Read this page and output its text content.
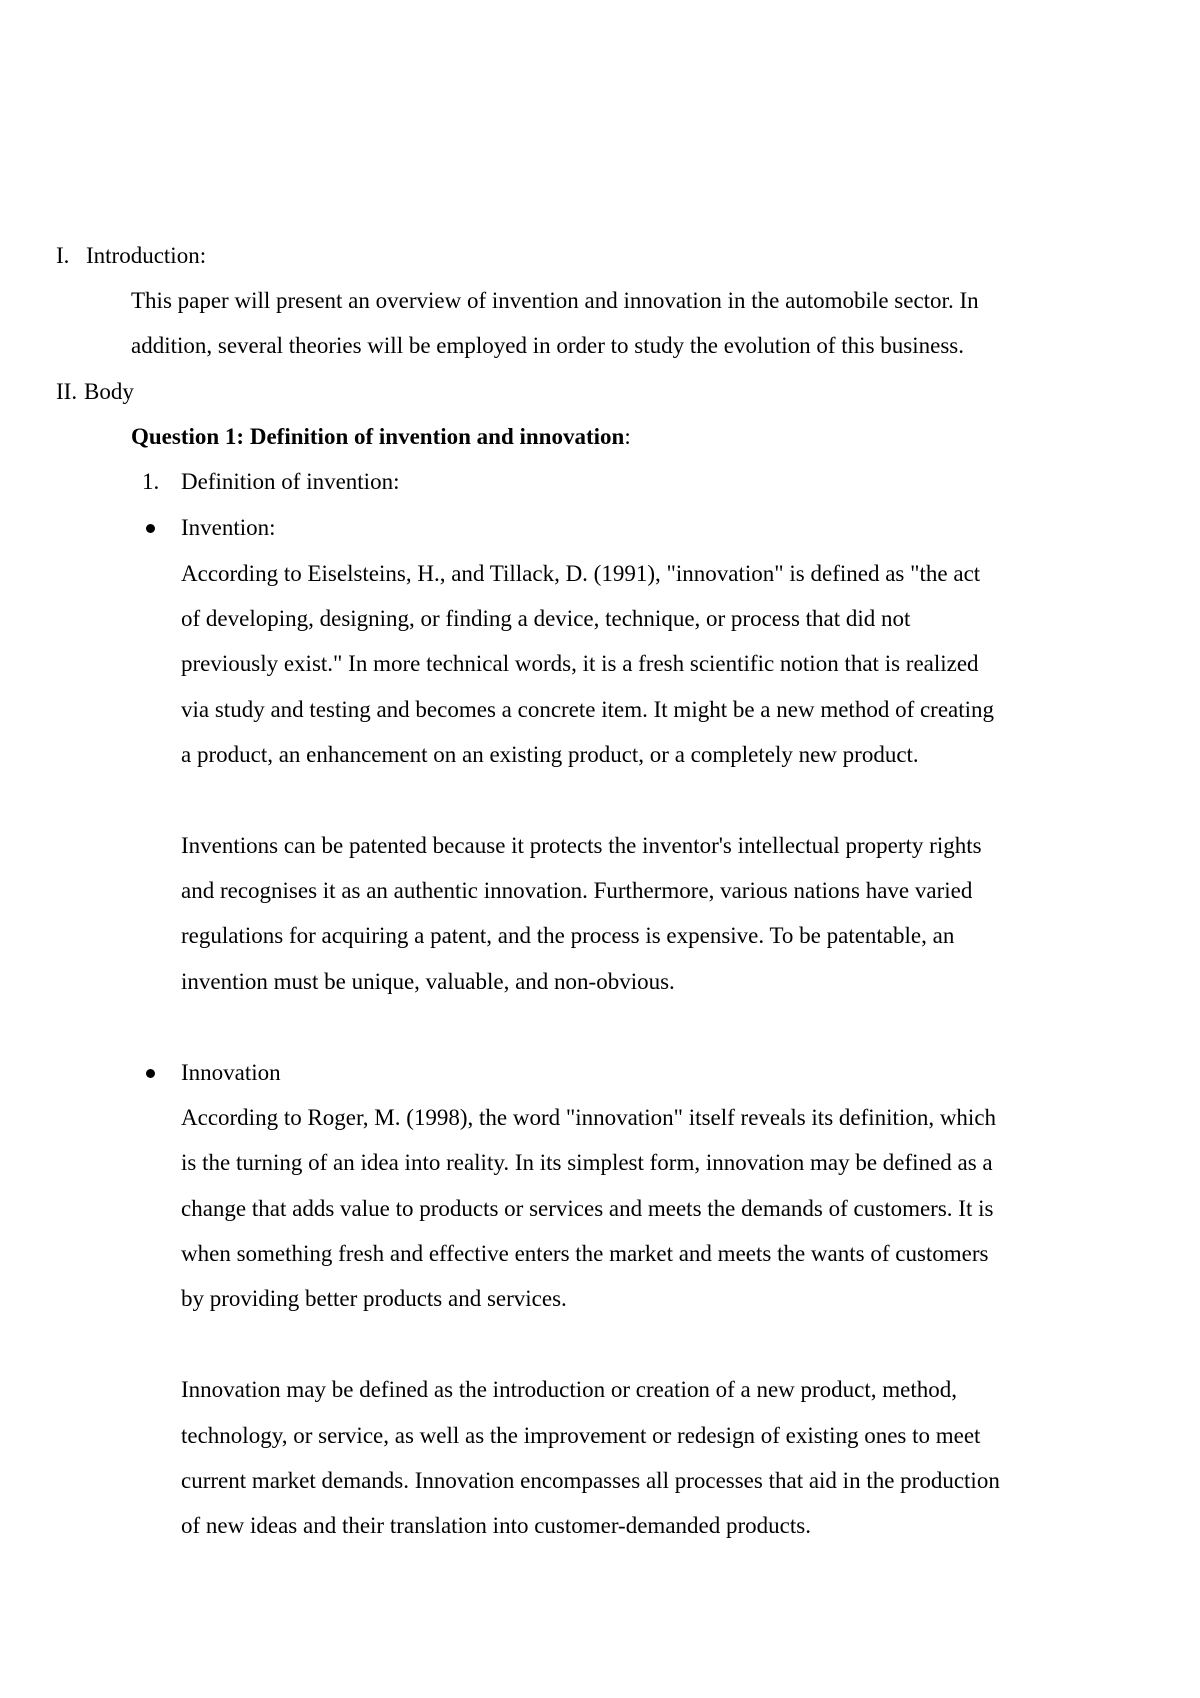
I. Introduction:
This paper will present an overview of invention and innovation in the automobile sector. In
addition, several theories will be employed in order to study the evolution of this business.
II. Body
Question 1: Definition of invention and innovation:
1. Definition of invention:
Invention:
According to Eiselsteins, H., and Tillack, D. (1991), "innovation" is defined as "the act
of developing, designing, or finding a device, technique, or process that did not
previously exist." In more technical words, it is a fresh scientific notion that is realized
via study and testing and becomes a concrete item. It might be a new method of creating
a product, an enhancement on an existing product, or a completely new product.
Inventions can be patented because it protects the inventor's intellectual property rights
and recognises it as an authentic innovation. Furthermore, various nations have varied
regulations for acquiring a patent, and the process is expensive. To be patentable, an
invention must be unique, valuable, and non-obvious.
Innovation
According to Roger, M. (1998), the word "innovation" itself reveals its definition, which
is the turning of an idea into reality. In its simplest form, innovation may be defined as a
change that adds value to products or services and meets the demands of customers. It is
when something fresh and effective enters the market and meets the wants of customers
by providing better products and services.
Innovation may be defined as the introduction or creation of a new product, method,
technology, or service, as well as the improvement or redesign of existing ones to meet
current market demands. Innovation encompasses all processes that aid in the production
of new ideas and their translation into customer-demanded products.
